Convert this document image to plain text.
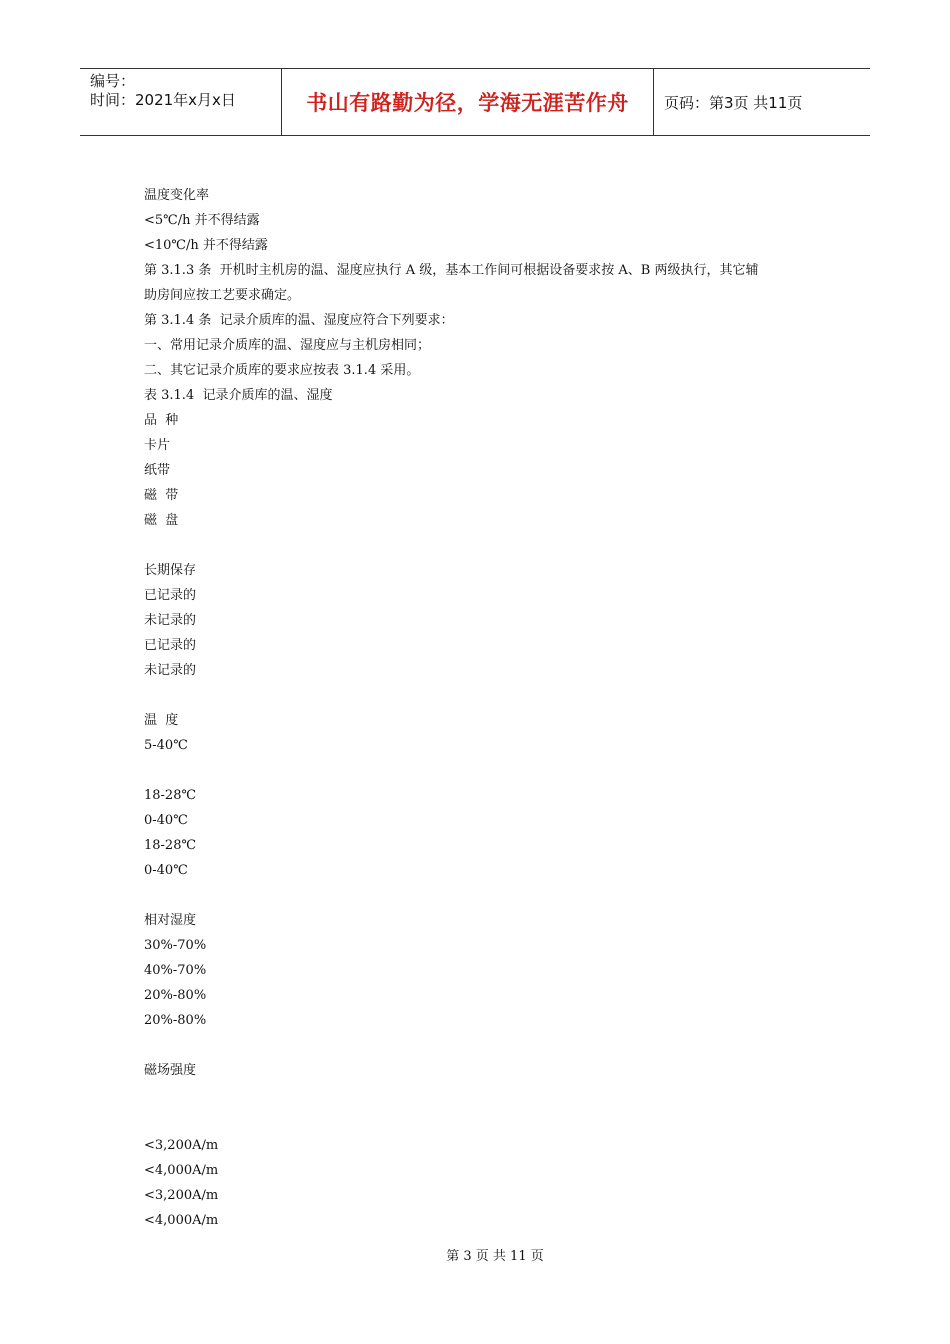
编号：
时间：2021年x月x日	书山有路勤为径，学海无涯苦作舟 页码：第3页 共11页
温度变化率
<5℃/h 并不得结露
<10℃/h 并不得结露
第 3.1.3 条  开机时主机房的温、湿度应执行 A 级，基本工作间可根据设备要求按 A、B 两级执行，其它辅
助房间应按工艺要求确定。
第 3.1.4 条  记录介质库的温、湿度应符合下列要求：
一、常用记录介质库的温、湿度应与主机房相同；
二、其它记录介质库的要求应按表 3.1.4 采用。
表 3.1.4  记录介质库的温、湿度
品  种
卡片
纸带
磁  带
磁  盘
长期保存
已记录的
未记录的
已记录的
未记录的
温  度
5-40℃
18-28℃
0-40℃
18-28℃
0-40℃
相对湿度
30%-70%
40%-70%
20%-80%
20%-80%
磁场强度
<3,200A/m
<4,000A/m
<3,200A/m
<4,000A/m
第 3 页 共 11 页
